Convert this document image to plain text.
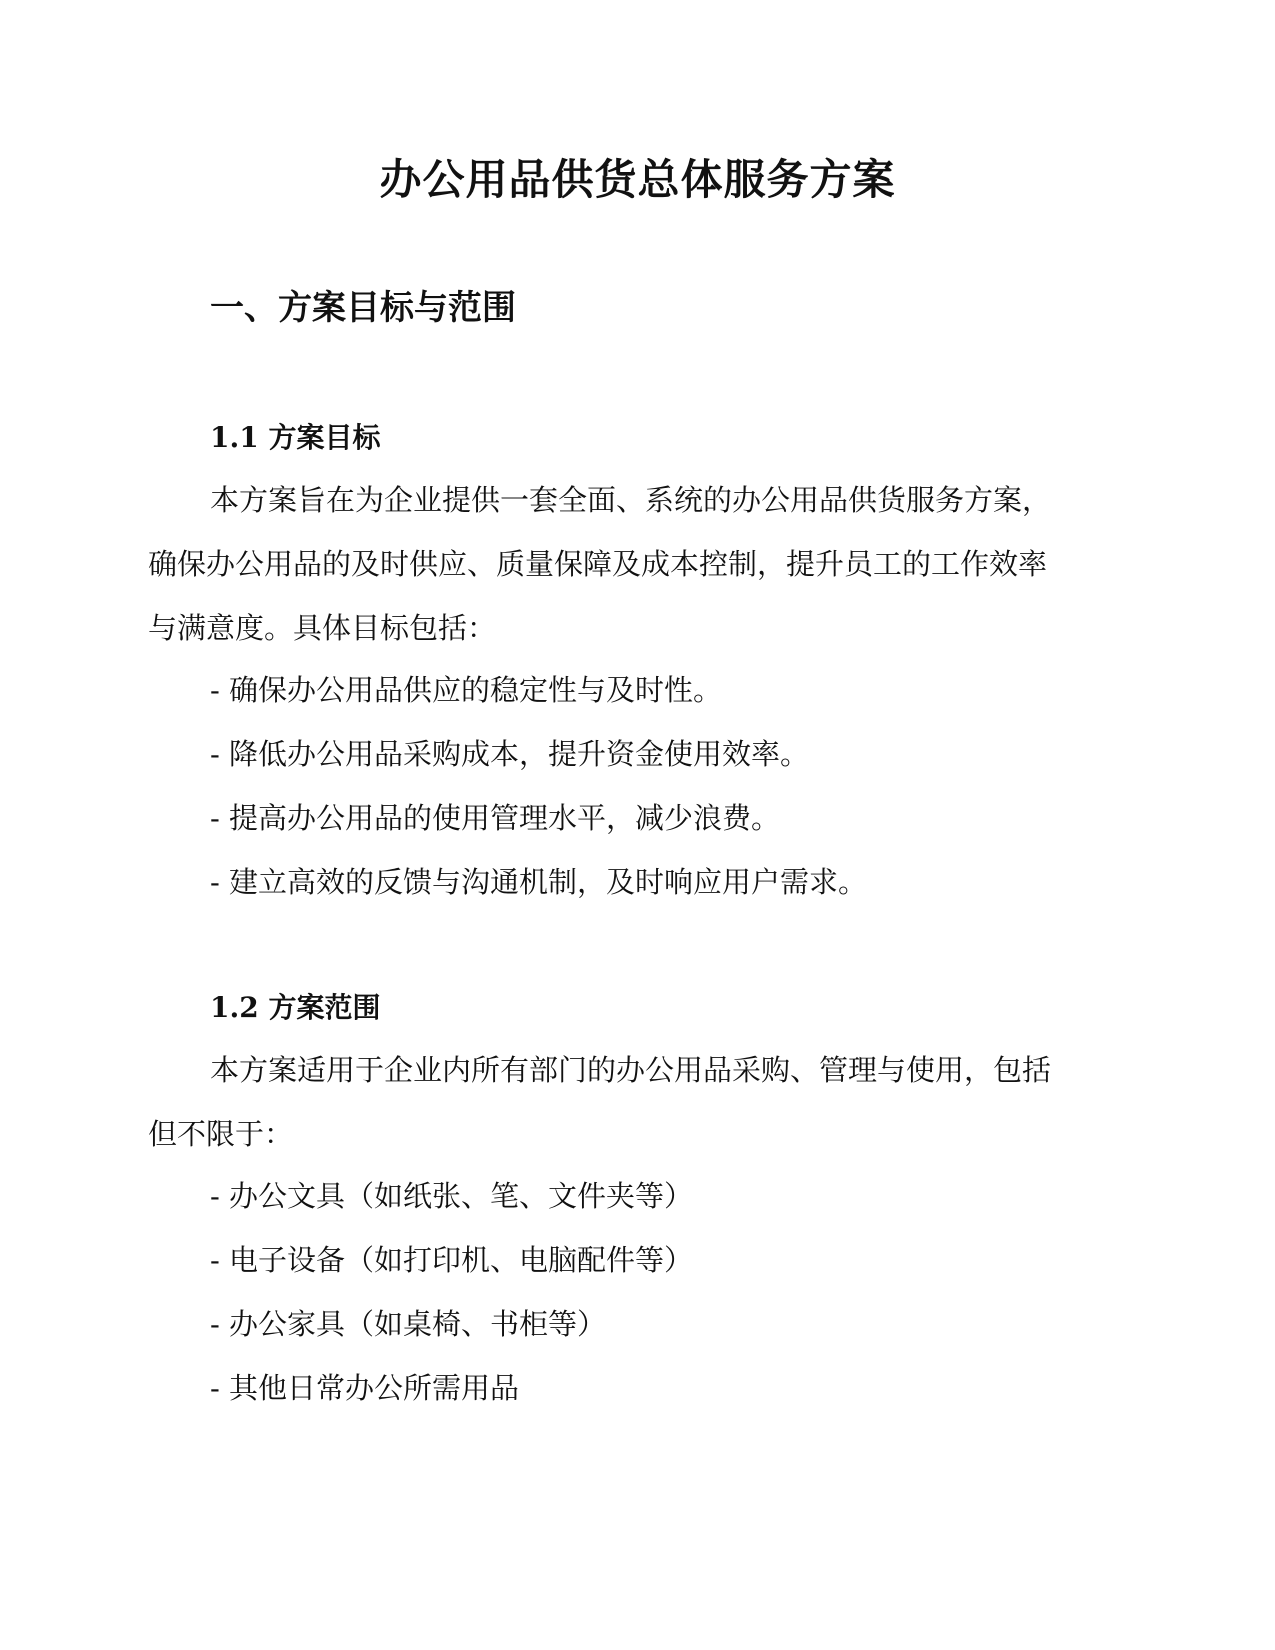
办公用品供货总体服务方案
一、方案目标与范围
1.1 方案目标

本方案旨在为企业提供一套全面、系统的办公用品供货服务方案，确保办公用品的及时供应、质量保障及成本控制，提升员工的工作效率与满意度。具体目标包括：

- 确保办公用品供应的稳定性与及时性。

- 降低办公用品采购成本，提升资金使用效率。

- 提高办公用品的使用管理水平，减少浪费。

- 建立高效的反馈与沟通机制，及时响应用户需求。

1.2 方案范围

本方案适用于企业内所有部门的办公用品采购、管理与使用，包括但不限于：

- 办公文具（如纸张、笔、文件夹等）

- 电子设备（如打印机、电脑配件等）

- 办公家具（如桌椅、书柜等）

- 其他日常办公所需用品
